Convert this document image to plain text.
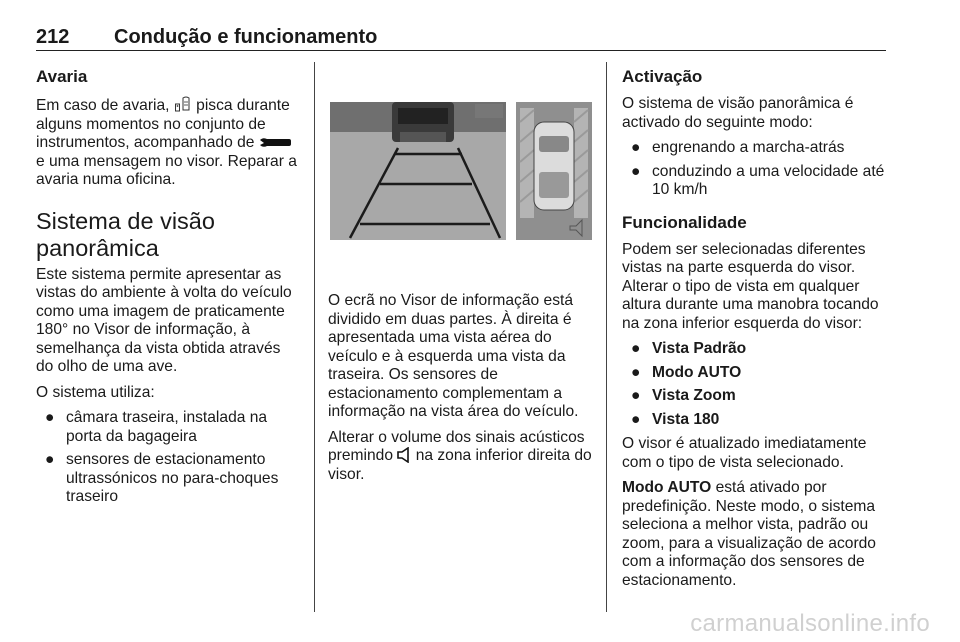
212 Condução e funcionamento
Avaria

Em caso de avaria, pisca durante alguns momentos no conjunto de instrumentos, acompanhado de  e uma mensagem no visor. Reparar a avaria numa oficina.

Sistema de visão panorâmica

Este sistema permite apresentar as vistas do ambiente à volta do veículo como uma imagem de praticamente 180° no Visor de informação, à semelhança da vista obtida através do olho de uma ave.

O sistema utiliza:

● câmara traseira, instalada na porta da bagageira
● sensores de estacionamento ultrassónicos no para-choques traseiro

O ecrã no Visor de informação está dividido em duas partes. À direita é apresentada uma vista aérea do veículo e à esquerda uma vista da traseira. Os sensores de estacionamento complementam a informação na vista área do veículo.

Alterar o volume dos sinais acústicos premindo na zona inferior direita do visor.

Activação

O sistema de visão panorâmica é activado do seguinte modo:

● engrenando a marcha-atrás
● conduzindo a uma velocidade até 10 km/h
Funcionalidade

Podem ser selecionadas diferentes vistas na parte esquerda do visor. Alterar o tipo de vista em qualquer altura durante uma manobra tocando na zona inferior esquerda do visor:

● Vista Padrão
● Modo AUTO
● Vista Zoom
● Vista 180

O visor é atualizado imediatamente com o tipo de vista selecionado.

Modo AUTO está ativado por predefinição. Neste modo, o sistema seleciona a melhor vista, padrão ou zoom, para a visualização de acordo com a informação dos sensores de estacionamento.

carmanualsonline.info
